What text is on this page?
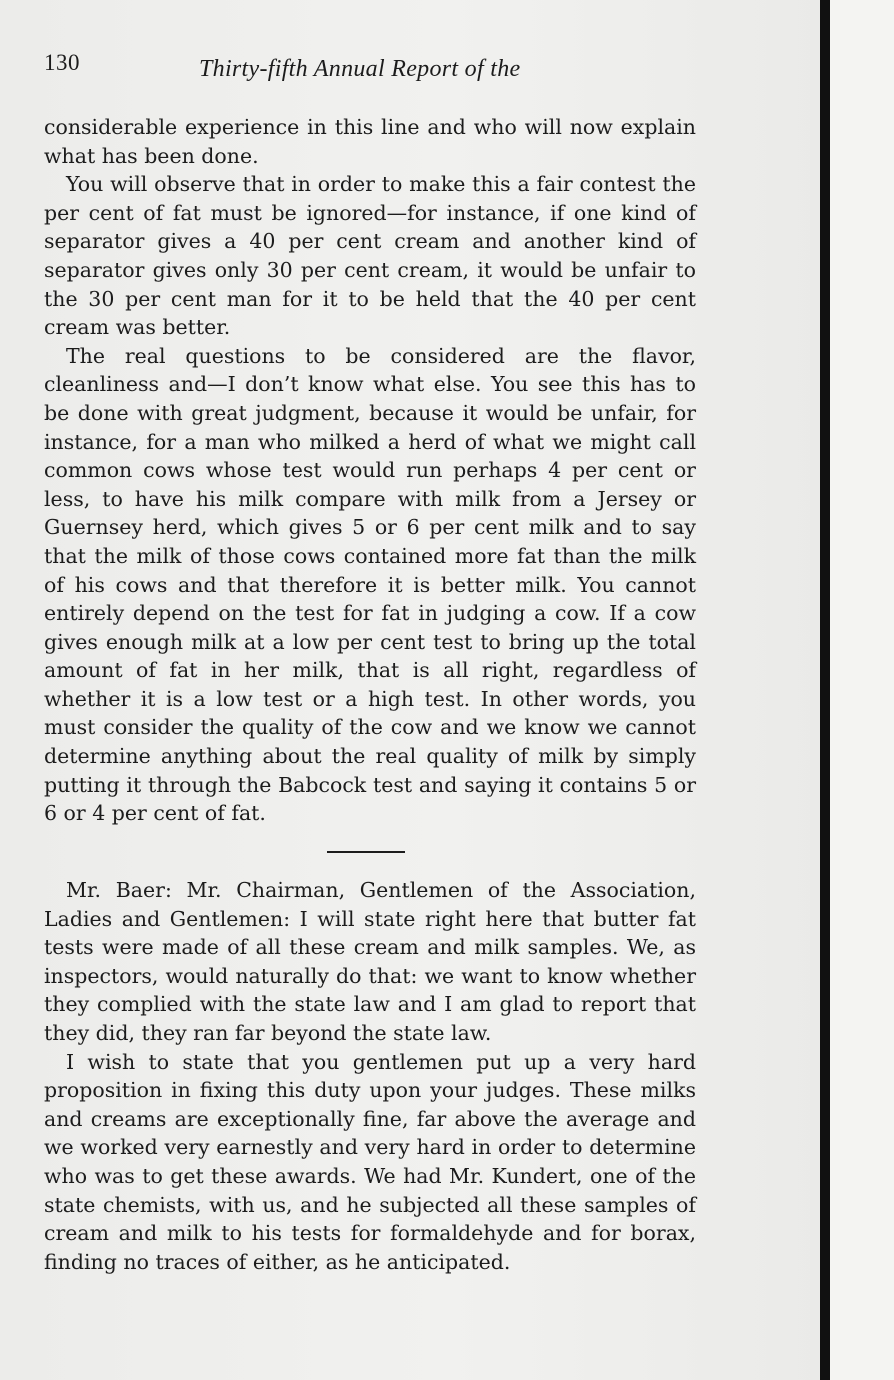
130	Thirty-fifth Annual Report of the

considerable experience in this line and who will now explain what has been done.

You will observe that in order to make this a fair contest the per cent of fat must be ignored—for instance, if one kind of separator gives a 40 per cent cream and another kind of separator gives only 30 per cent cream, it would be unfair to the 30 per cent man for it to be held that the 40 per cent cream was better.

The real questions to be considered are the flavor, cleanliness and—I don’t know what else. You see this has to be done with great judgment, because it would be unfair, for instance, for a man who milked a herd of what we might call common cows whose test would run perhaps 4 per cent or less, to have his milk compare with milk from a Jersey or Guernsey herd, which gives 5 or 6 per cent milk and to say that the milk of those cows contained more fat than the milk of his cows and that therefore it is better milk. You cannot entirely depend on the test for fat in judging a cow. If a cow gives enough milk at a low per cent test to bring up the total amount of fat in her milk, that is all right, regardless of whether it is a low test or a high test. In other words, you must consider the quality of the cow and we know we cannot determine anything about the real quality of milk by simply putting it through the Babcock test and saying it contains 5 or 6 or 4 per cent of fat.

Mr. Baer: Mr. Chairman, Gentlemen of the Association, Ladies and Gentlemen: I will state right here that butter fat tests were made of all these cream and milk samples. We, as inspectors, would naturally do that: we want to know whether they complied with the state law and I am glad to report that they did, they ran far beyond the state law.

I wish to state that you gentlemen put up a very hard proposition in fixing this duty upon your judges. These milks and creams are exceptionally fine, far above the average and we worked very earnestly and very hard in order to determine who was to get these awards. We had Mr. Kundert, one of the state chemists, with us, and he subjected all these samples of cream and milk to his tests for formaldehyde and for borax, finding no traces of either, as he anticipated.
